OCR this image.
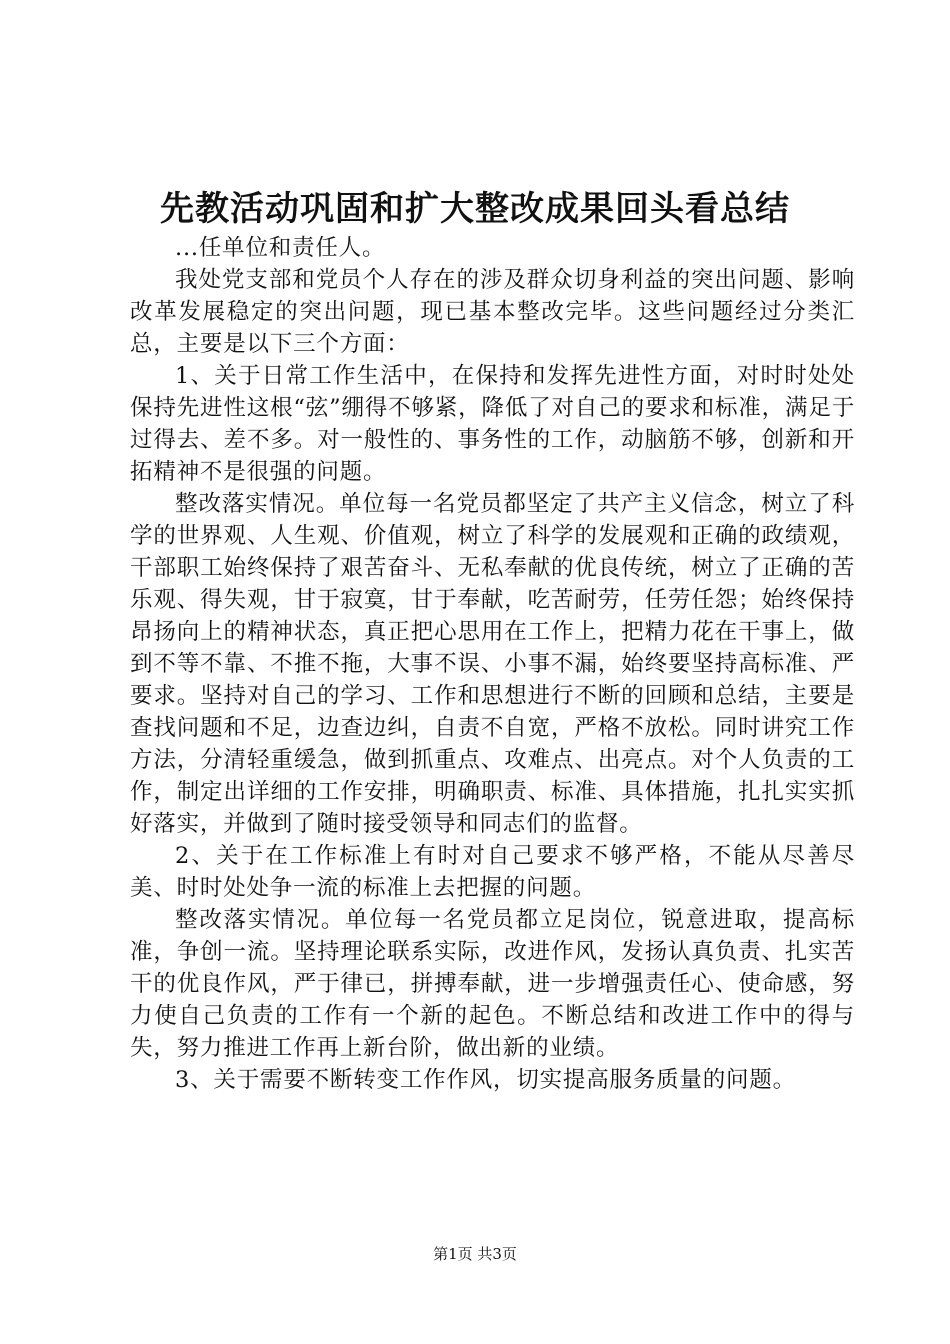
先教活动巩固和扩大整改成果回头看总结

...任单位和责任人。

我处党支部和党员个人存在的涉及群众切身利益的突出问题、影响改革发展稳定的突出问题，现已基本整改完毕。这些问题经过分类汇总，主要是以下三个方面：

1、关于日常工作生活中，在保持和发挥先进性方面，对时时处处保持先进性这根“弦”绷得不够紧，降低了对自己的要求和标准，满足于过得去、差不多。对一般性的、事务性的工作，动脑筋不够，创新和开拓精神不是很强的问题。

整改落实情况。单位每一名党员都坚定了共产主义信念，树立了科学的世界观、人生观、价值观，树立了科学的发展观和正确的政绩观，干部职工始终保持了艰苦奋斗、无私奉献的优良传统，树立了正确的苦乐观、得失观，甘于寂寞，甘于奉献，吃苦耐劳，任劳任怨；始终保持昂扬向上的精神状态，真正把心思用在工作上，把精力花在干事上，做到不等不靠、不推不拖，大事不误、小事不漏，始终要坚持高标准、严要求。坚持对自己的学习、工作和思想进行不断的回顾和总结，主要是查找问题和不足，边查边纠，自责不自宽，严格不放松。同时讲究工作方法，分清轻重缓急，做到抓重点、攻难点、出亮点。对个人负责的工作，制定出详细的工作安排，明确职责、标准、具体措施，扎扎实实抓好落实，并做到了随时接受领导和同志们的监督。

2、关于在工作标准上有时对自己要求不够严格，不能从尽善尽美、时时处处争一流的标准上去把握的问题。

整改落实情况。单位每一名党员都立足岗位，锐意进取，提高标准，争创一流。坚持理论联系实际，改进作风，发扬认真负责、扎实苦干的优良作风，严于律已，拼搏奉献，进一步增强责任心、使命感，努力使自己负责的工作有一个新的起色。不断总结和改进工作中的得与失，努力推进工作再上新台阶，做出新的业绩。

3、关于需要不断转变工作作风，切实提高服务质量的问题。

第1页 共3页
